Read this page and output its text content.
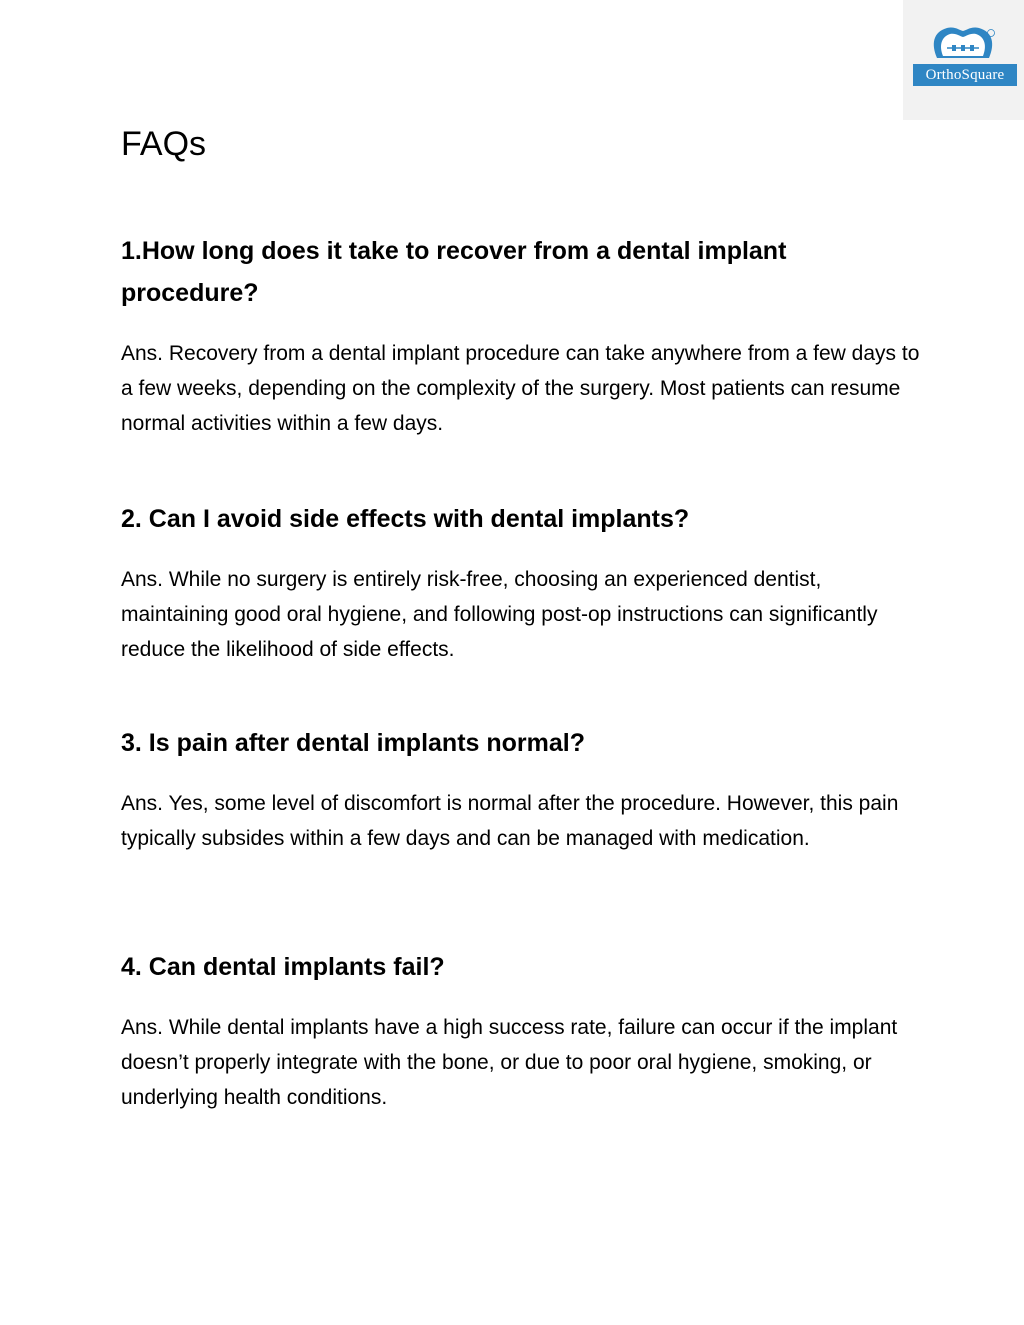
OrthoSquare
FAQs

1.How long does it take to recover from a dental implant procedure?

Ans. Recovery from a dental implant procedure can take anywhere from a few days to a few weeks, depending on the complexity of the surgery. Most patients can resume normal activities within a few days.

2. Can I avoid side effects with dental implants?

Ans. While no surgery is entirely risk-free, choosing an experienced dentist, maintaining good oral hygiene, and following post-op instructions can significantly reduce the likelihood of side effects.

3. Is pain after dental implants normal?

Ans. Yes, some level of discomfort is normal after the procedure. However, this pain typically subsides within a few days and can be managed with medication.

4. Can dental implants fail?

Ans. While dental implants have a high success rate, failure can occur if the implant doesn’t properly integrate with the bone, or due to poor oral hygiene, smoking, or underlying health conditions.
